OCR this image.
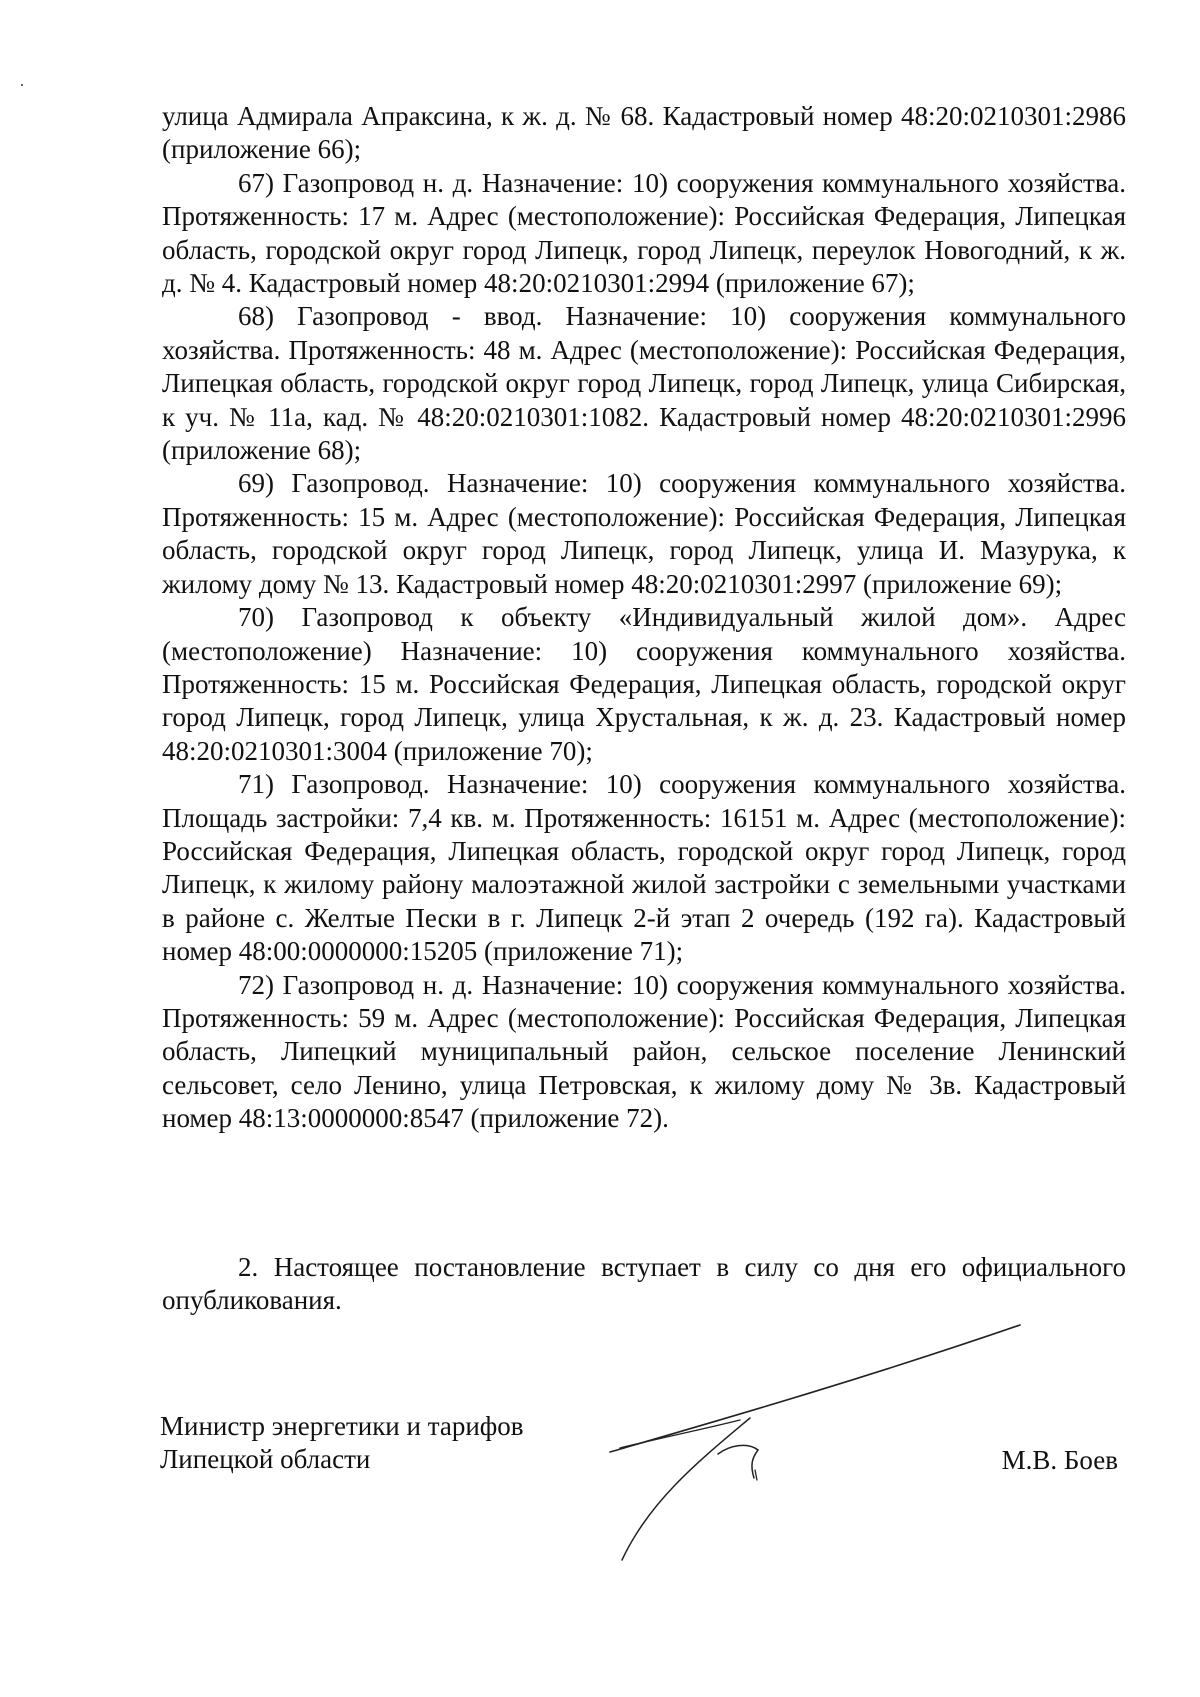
улица Адмирала Апраксина, к ж. д. № 68. Кадастровый номер 48:20:0210301:2986 (приложение 66);

67) Газопровод н. д. Назначение: 10) сооружения коммунального хозяйства. Протяженность: 17 м. Адрес (местоположение): Российская Федерация, Липецкая область, городской округ город Липецк, город Липецк, переулок Новогодний, к ж. д. № 4. Кадастровый номер 48:20:0210301:2994 (приложение 67);

68) Газопровод - ввод. Назначение: 10) сооружения коммунального хозяйства. Протяженность: 48 м. Адрес (местоположение): Российская Федерация, Липецкая область, городской округ город Липецк, город Липецк, улица Сибирская, к уч. № 11а, кад. № 48:20:0210301:1082. Кадастровый номер 48:20:0210301:2996 (приложение 68);

69) Газопровод. Назначение: 10) сооружения коммунального хозяйства. Протяженность: 15 м. Адрес (местоположение): Российская Федерация, Липецкая область, городской округ город Липецк, город Липецк, улица И. Мазурука, к жилому дому № 13. Кадастровый номер 48:20:0210301:2997 (приложение 69);

70) Газопровод к объекту «Индивидуальный жилой дом». Адрес (местоположение) Назначение: 10) сооружения коммунального хозяйства. Протяженность: 15 м. Российская Федерация, Липецкая область, городской округ город Липецк, город Липецк, улица Хрустальная, к ж. д. 23. Кадастровый номер 48:20:0210301:3004 (приложение 70);

71) Газопровод. Назначение: 10) сооружения коммунального хозяйства. Площадь застройки: 7,4 кв. м. Протяженность: 16151 м. Адрес (местоположение): Российская Федерация, Липецкая область, городской округ город Липецк, город Липецк, к жилому району малоэтажной жилой застройки с земельными участками в районе с. Желтые Пески в г. Липецк 2-й этап 2 очередь (192 га). Кадастровый номер 48:00:0000000:15205 (приложение 71);

72) Газопровод н. д. Назначение: 10) сооружения коммунального хозяйства. Протяженность: 59 м. Адрес (местоположение): Российская Федерация, Липецкая область, Липецкий муниципальный район, сельское поселение Ленинский сельсовет, село Ленино, улица Петровская, к жилому дому № 3в. Кадастровый номер 48:13:0000000:8547 (приложение 72).

2. Настоящее постановление вступает в силу со дня его официального опубликования.

Министр энергетики и тарифов
Липецкой области	М.В. Боев
